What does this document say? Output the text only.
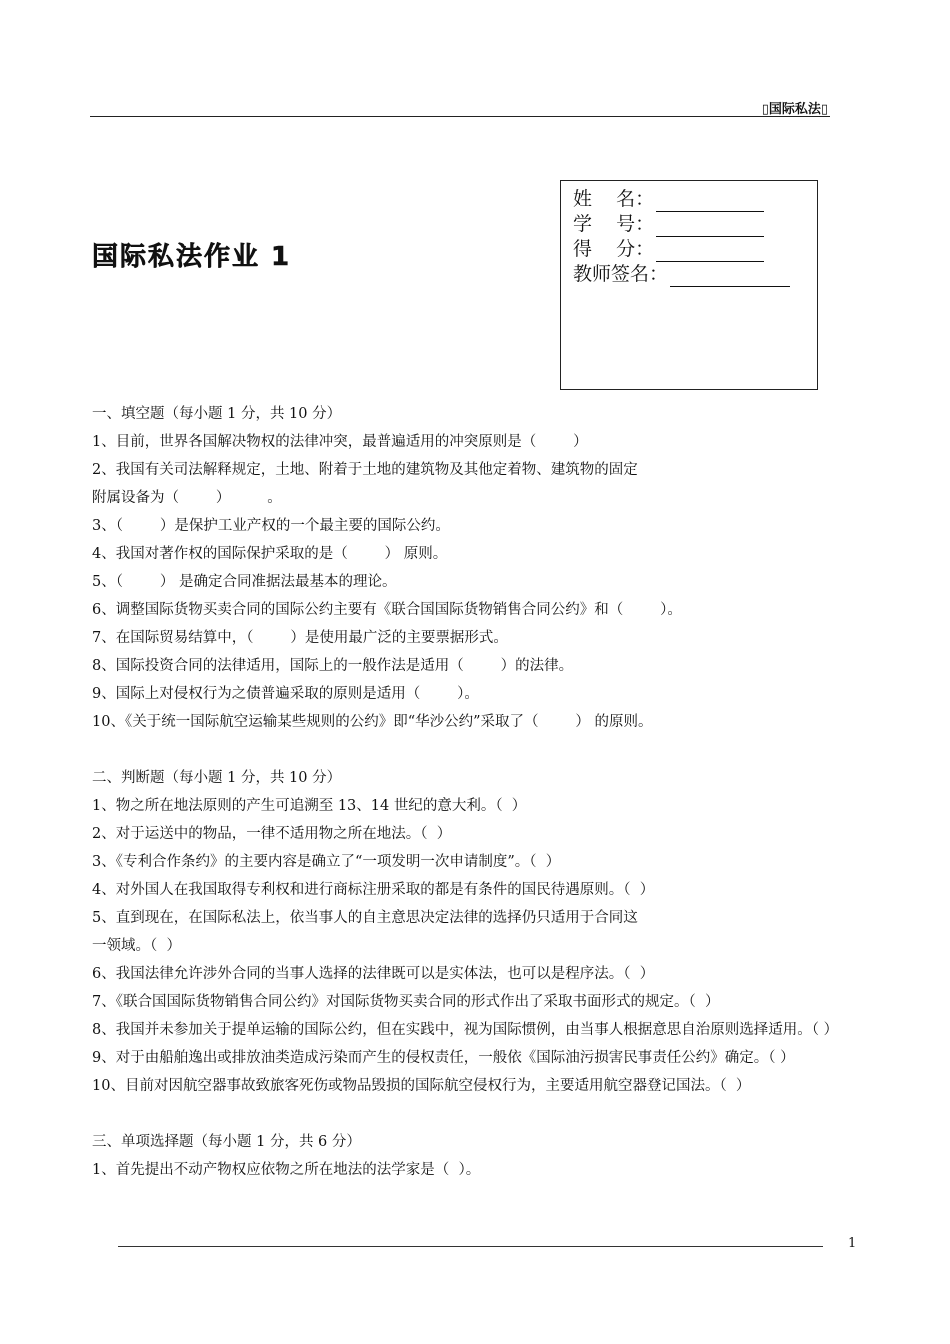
▯国际私法▯
国际私法作业 1
姓    名：
学    号：
得    分：
教师签名：
一、填空题（每小题 1 分，共 10 分）
1、目前，世界各国解决物权的法律冲突，最普遍适用的冲突原则是（        ）
2、我国有关司法解释规定，土地、附着于土地的建筑物及其他定着物、建筑物的固定
附属设备为（        ）        。
3、（        ）是保护工业产权的一个最主要的国际公约。
4、我国对著作权的国际保护采取的是（        ） 原则。
5、（        ） 是确定合同准据法最基本的理论。
6、调整国际货物买卖合同的国际公约主要有《联合国国际货物销售合同公约》和（        ）。
7、在国际贸易结算中，（        ）是使用最广泛的主要票据形式。
8、国际投资合同的法律适用，国际上的一般作法是适用（        ）的法律。
9、国际上对侵权行为之债普遍采取的原则是适用（        ）。
10、《关于统一国际航空运输某些规则的公约》即“华沙公约”采取了（        ） 的原则。
二、判断题（每小题 1 分，共 10 分）
1、物之所在地法原则的产生可追溯至 13、14 世纪的意大利。（  ）
2、对于运送中的物品，一律不适用物之所在地法。（  ）
3、《专利合作条约》的主要内容是确立了“一项发明一次申请制度”。（  ）
4、对外国人在我国取得专利权和进行商标注册采取的都是有条件的国民待遇原则。（  ）
5、直到现在，在国际私法上，依当事人的自主意思决定法律的选择仍只适用于合同这
一领域。（  ）
6、我国法律允许涉外合同的当事人选择的法律既可以是实体法，也可以是程序法。（  ）
7、《联合国国际货物销售合同公约》对国际货物买卖合同的形式作出了采取书面形式的规定。（  ）
8、我国并未参加关于提单运输的国际公约，但在实践中，视为国际惯例，由当事人根据意思自治原则选择适用。（ ）
9、对于由船舶逸出或排放油类造成污染而产生的侵权责任，一般依《国际油污损害民事责任公约》确定。（ ）
10、目前对因航空器事故致旅客死伤或物品毁损的国际航空侵权行为，主要适用航空器登记国法。（  ）
三、单项选择题（每小题 1 分，共 6 分）
1、首先提出不动产物权应依物之所在地法的法学家是（  ）。
1
